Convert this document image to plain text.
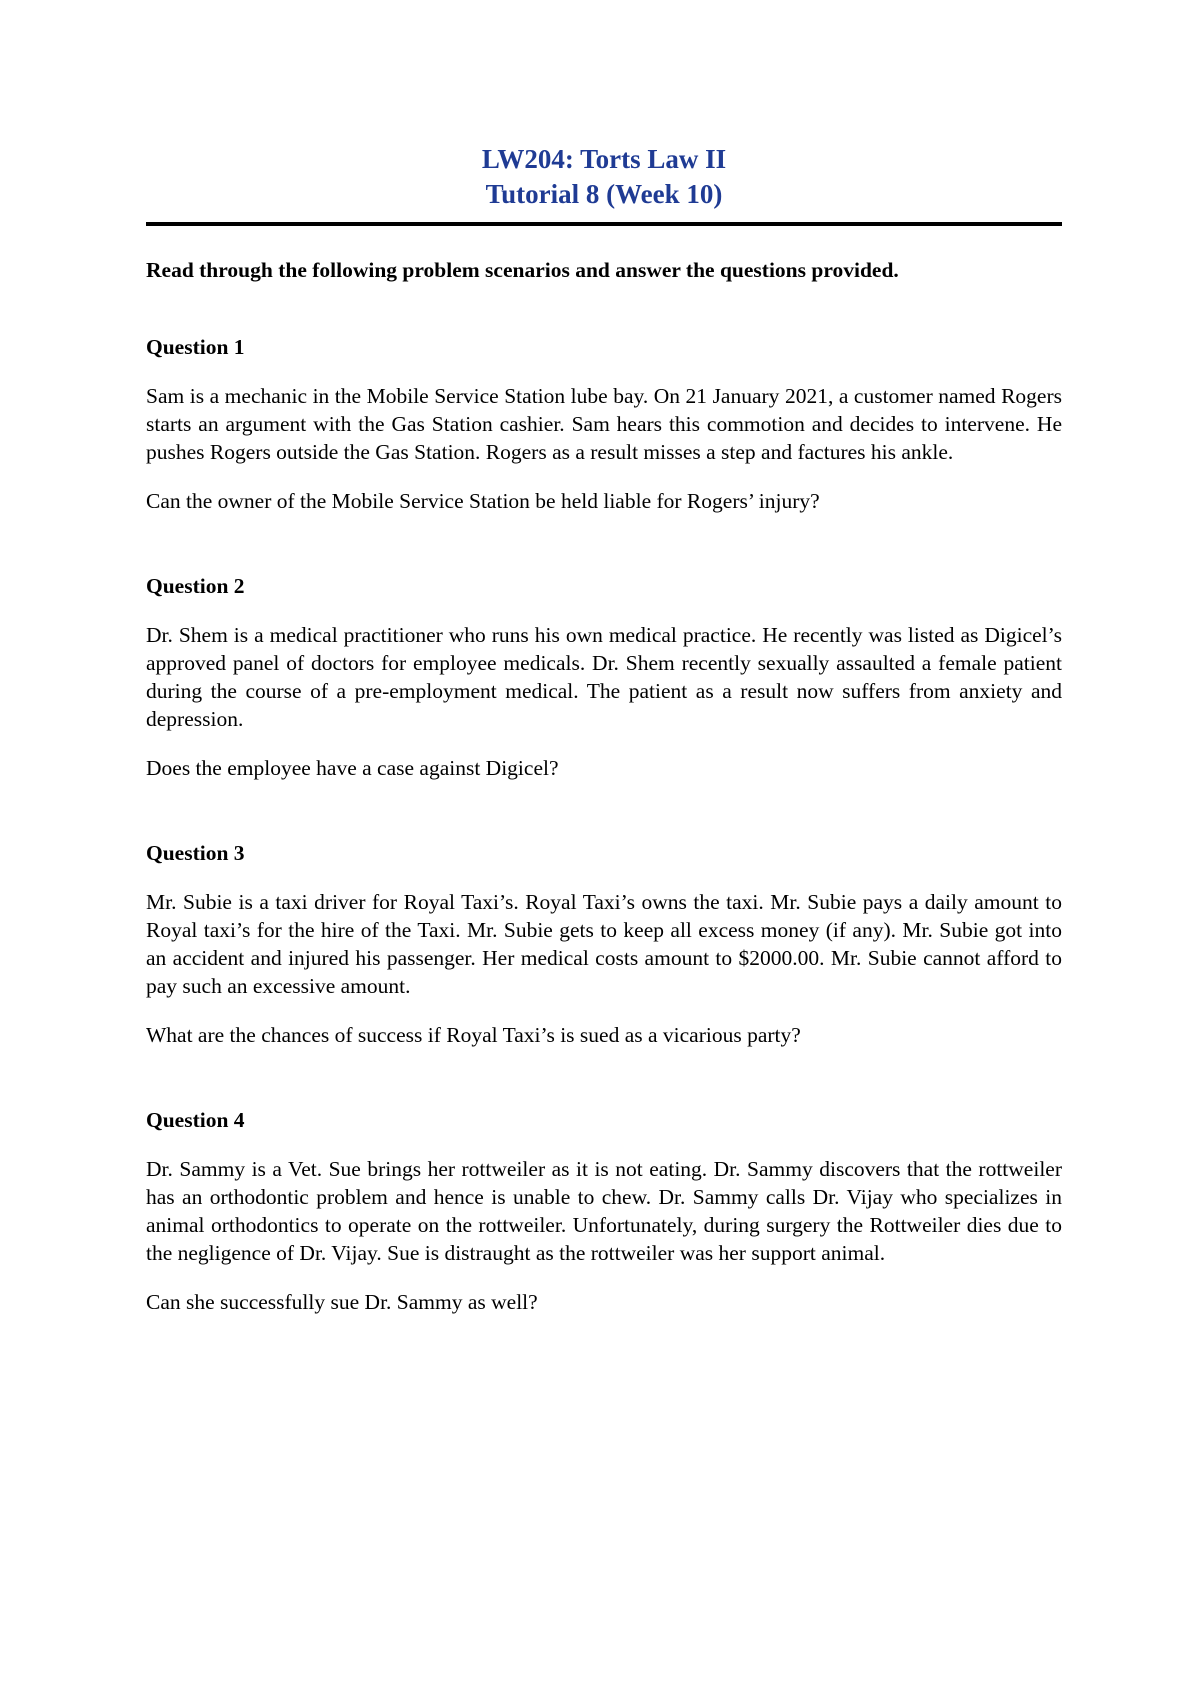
LW204: Torts Law II
Tutorial 8 (Week 10)

Read through the following problem scenarios and answer the questions provided.

Question 1

Sam is a mechanic in the Mobile Service Station lube bay. On 21 January 2021, a customer named Rogers starts an argument with the Gas Station cashier. Sam hears this commotion and decides to intervene. He pushes Rogers outside the Gas Station. Rogers as a result misses a step and factures his ankle.

Can the owner of the Mobile Service Station be held liable for Rogers’ injury?

Question 2

Dr. Shem is a medical practitioner who runs his own medical practice. He recently was listed as Digicel’s approved panel of doctors for employee medicals. Dr. Shem recently sexually assaulted a female patient during the course of a pre-employment medical. The patient as a result now suffers from anxiety and depression.

Does the employee have a case against Digicel?

Question 3

Mr. Subie is a taxi driver for Royal Taxi’s. Royal Taxi’s owns the taxi. Mr. Subie pays a daily amount to Royal taxi’s for the hire of the Taxi. Mr. Subie gets to keep all excess money (if any). Mr. Subie got into an accident and injured his passenger. Her medical costs amount to $2000.00. Mr. Subie cannot afford to pay such an excessive amount.

What are the chances of success if Royal Taxi’s is sued as a vicarious party?

Question 4

Dr. Sammy is a Vet. Sue brings her rottweiler as it is not eating. Dr. Sammy discovers that the rottweiler has an orthodontic problem and hence is unable to chew. Dr. Sammy calls Dr. Vijay who specializes in animal orthodontics to operate on the rottweiler. Unfortunately, during surgery the Rottweiler dies due to the negligence of Dr. Vijay. Sue is distraught as the rottweiler was her support animal.

Can she successfully sue Dr. Sammy as well?
